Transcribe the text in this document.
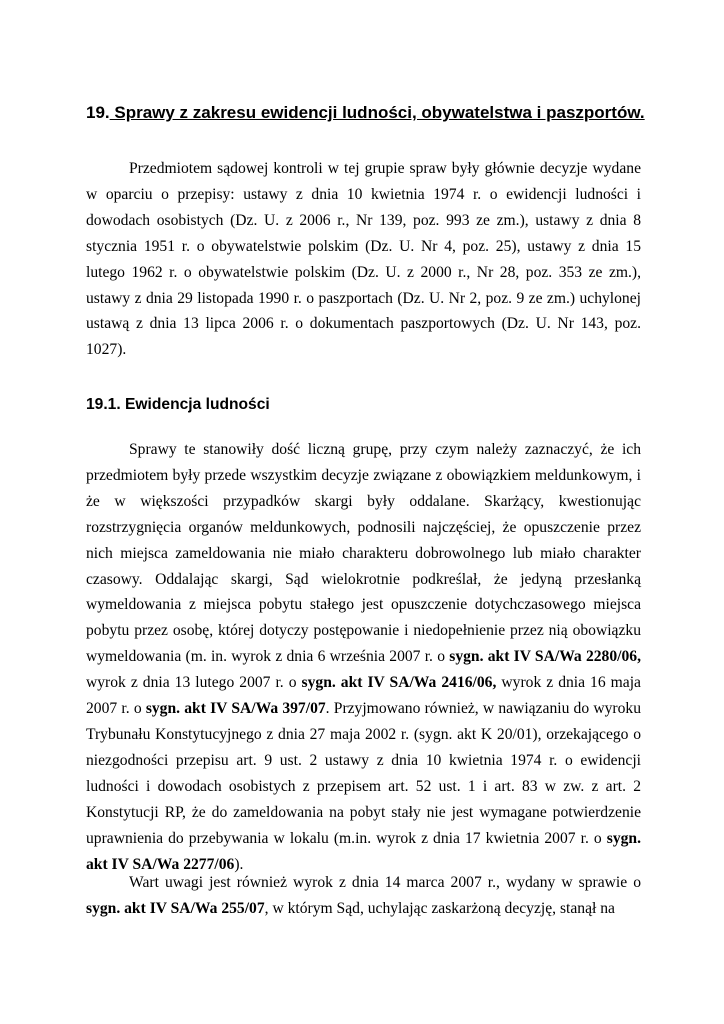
19. Sprawy z zakresu ewidencji ludności, obywatelstwa i paszportów.

Przedmiotem sądowej kontroli w tej grupie spraw były głównie decyzje wydane w oparciu o przepisy: ustawy z dnia 10 kwietnia 1974 r. o ewidencji ludności i dowodach osobistych (Dz. U. z 2006 r., Nr 139, poz. 993 ze zm.), ustawy z dnia 8 stycznia 1951 r. o obywatelstwie polskim (Dz. U. Nr 4, poz. 25), ustawy z dnia 15 lutego 1962 r. o obywatelstwie polskim (Dz. U. z 2000 r., Nr 28, poz. 353 ze zm.), ustawy z dnia 29 listopada 1990 r. o paszportach (Dz. U. Nr 2, poz. 9 ze zm.) uchylonej ustawą z dnia 13 lipca 2006 r. o dokumentach paszportowych (Dz. U. Nr 143, poz. 1027).

19.1. Ewidencja ludności

Sprawy te stanowiły dość liczną grupę, przy czym należy zaznaczyć, że ich przedmiotem były przede wszystkim decyzje związane z obowiązkiem meldunkowym, i że w większości przypadków skargi były oddalane. Skarżący, kwestionując rozstrzygnięcia organów meldunkowych, podnosili najczęściej, że opuszczenie przez nich miejsca zameldowania nie miało charakteru dobrowolnego lub miało charakter czasowy. Oddalając skargi, Sąd wielokrotnie podkreślał, że jedyną przesłanką wymeldowania z miejsca pobytu stałego jest opuszczenie dotychczasowego miejsca pobytu przez osobę, której dotyczy postępowanie i niedopełnienie przez nią obowiązku wymeldowania (m. in. wyrok z dnia 6 września 2007 r. o sygn. akt IV SA/Wa 2280/06, wyrok z dnia 13 lutego 2007 r. o sygn. akt IV SA/Wa 2416/06, wyrok z dnia 16 maja 2007 r. o sygn. akt IV SA/Wa 397/07. Przyjmowano również, w nawiązaniu do wyroku Trybunału Konstytucyjnego z dnia 27 maja 2002 r. (sygn. akt K 20/01), orzekającego o niezgodności przepisu art. 9 ust. 2 ustawy z dnia 10 kwietnia 1974 r. o ewidencji ludności i dowodach osobistych z przepisem art. 52 ust. 1 i art. 83 w zw. z art. 2 Konstytucji RP, że do zameldowania na pobyt stały nie jest wymagane potwierdzenie uprawnienia do przebywania w lokalu (m.in. wyrok z dnia 17 kwietnia 2007 r. o sygn. akt IV SA/Wa 2277/06).

Wart uwagi jest również wyrok z dnia 14 marca 2007 r., wydany w sprawie o sygn. akt IV SA/Wa 255/07, w którym Sąd, uchylając zaskarżoną decyzję, stanął na
